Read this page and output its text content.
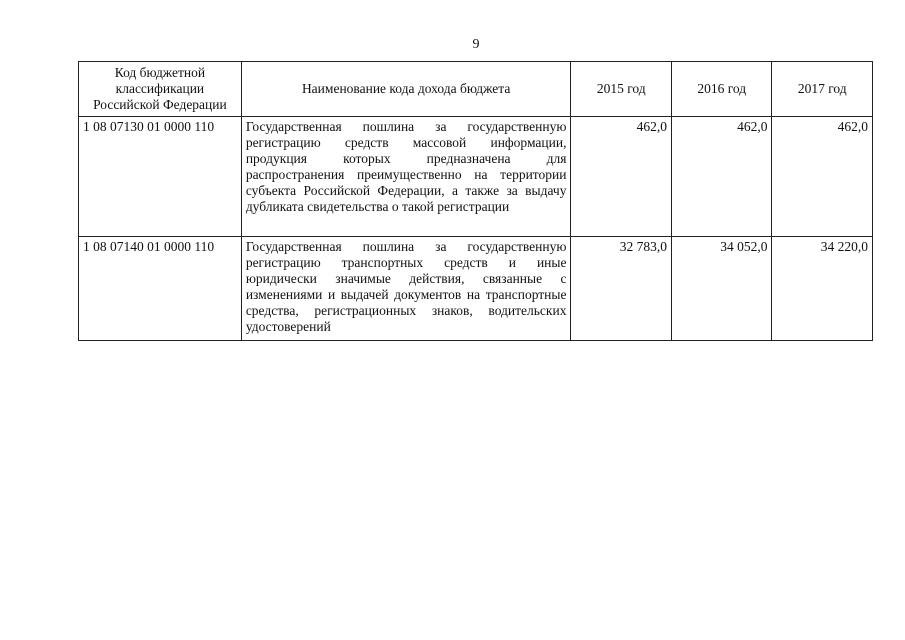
9
Код бюджетной классификации Российской Федерации	Наименование кода дохода бюджета	2015 год	2016 год	2017 год
1 08 07130 01 0000 110	Государственная пошлина за государственную регистрацию средств массовой информации, продукция которых предназначена для распространения преимущественно на территории субъекта Российской Федерации, а также за выдачу дубликата свидетельства о такой регистрации	462,0	462,0	462,0
1 08 07140 01 0000 110	Государственная пошлина за государственную регистрацию транспортных средств и иные юридически значимые действия, связанные с изменениями и выдачей документов на транспортные средства, регистрационных знаков, водительских удостоверений	32 783,0	34 052,0	34 220,0
